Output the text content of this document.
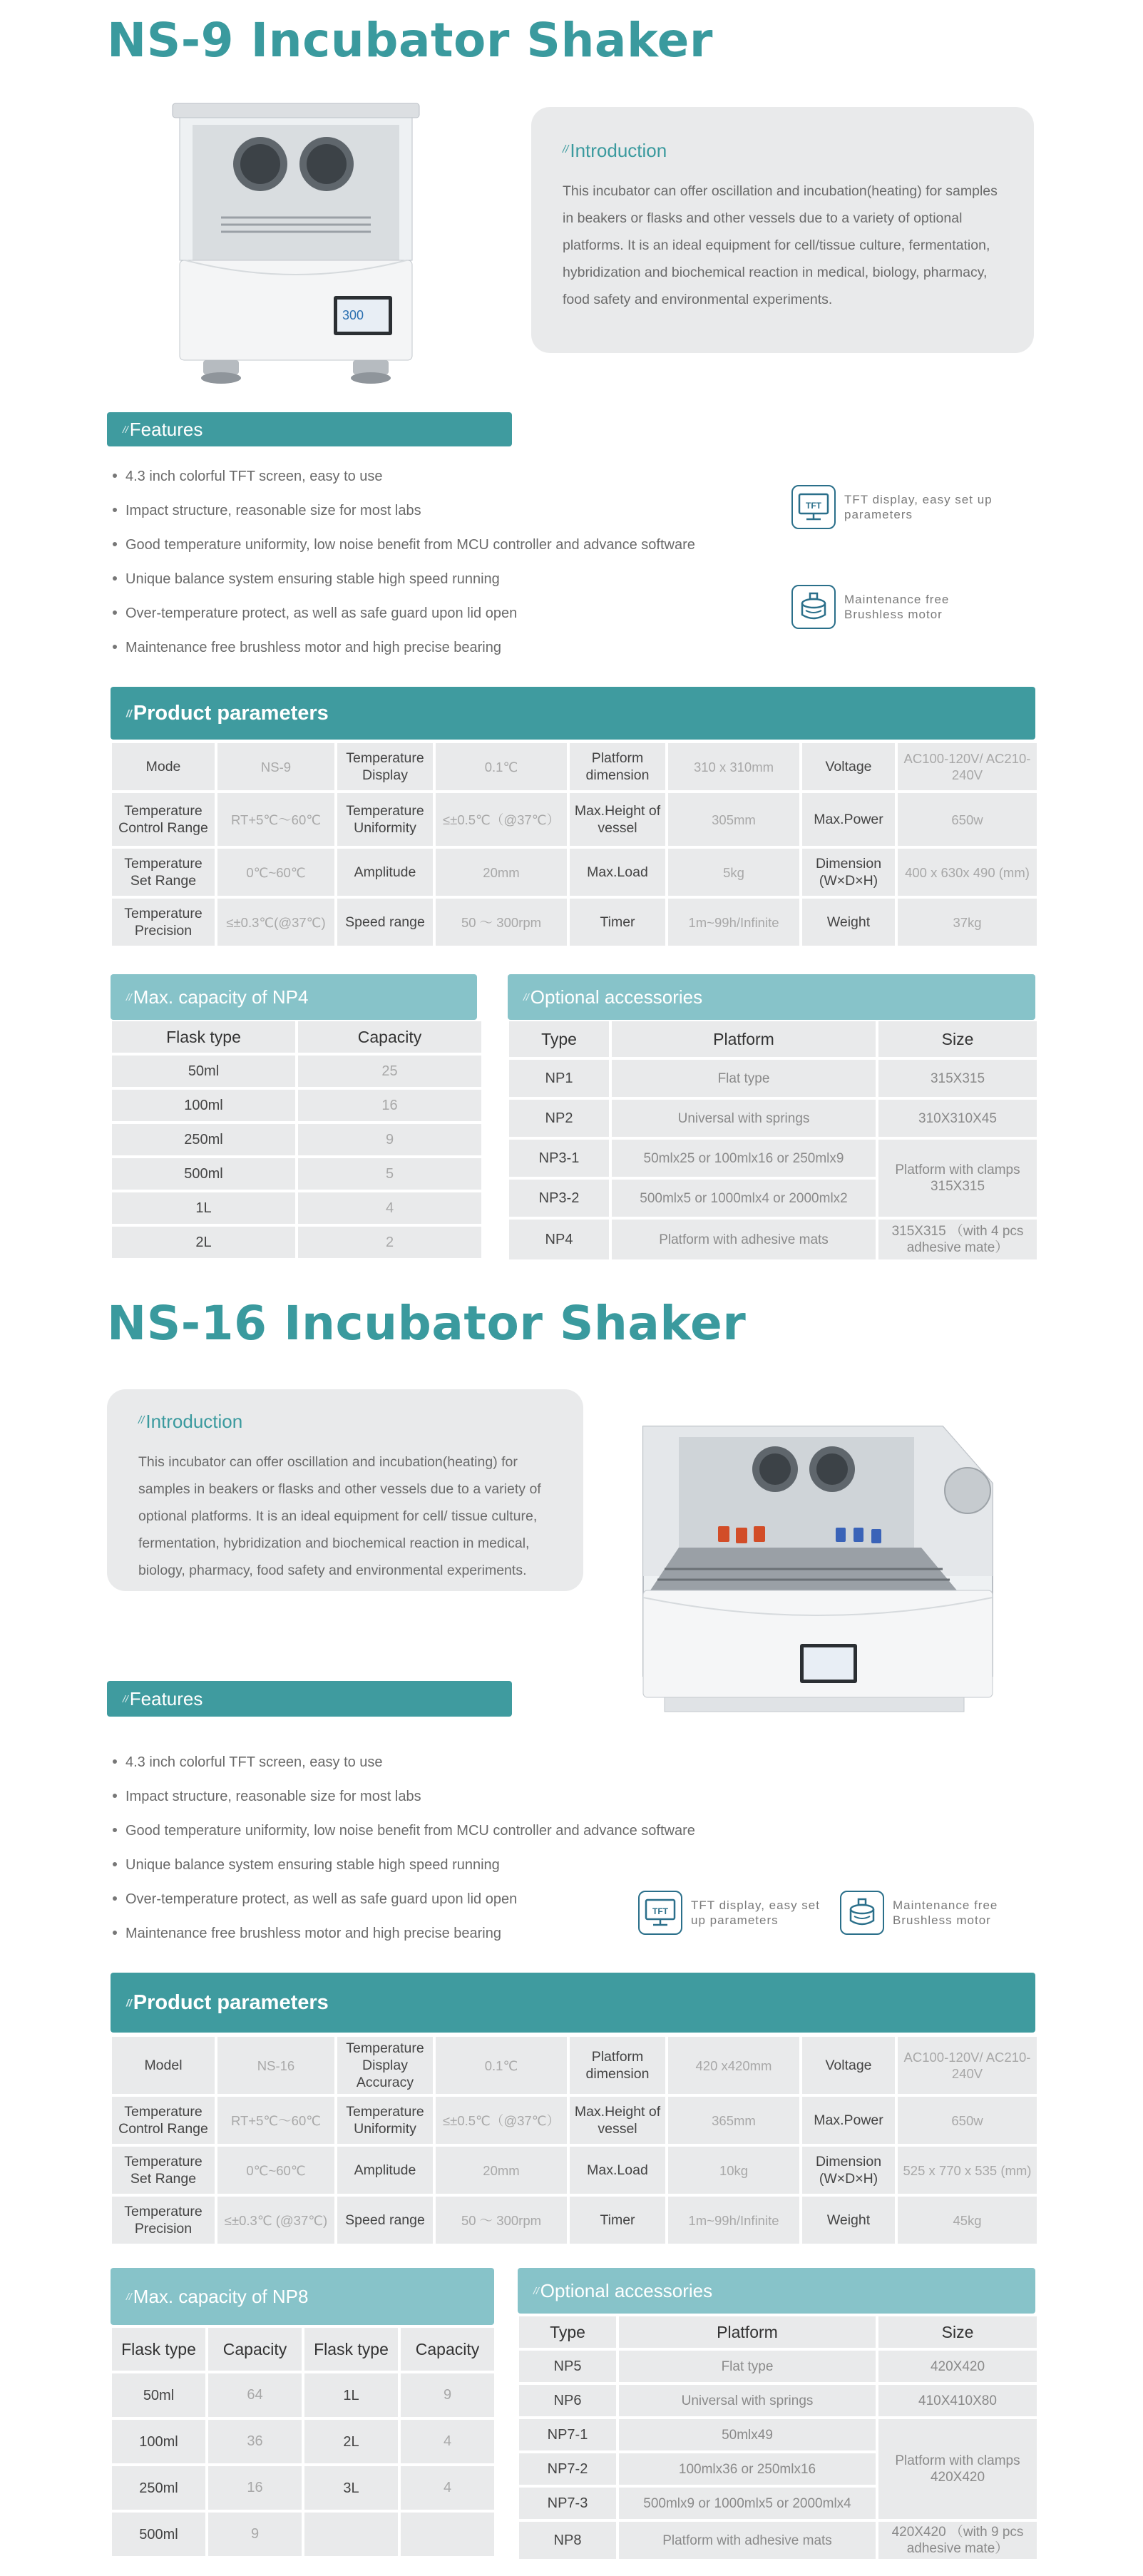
NS-9 Incubator Shaker
300
//Introduction

This incubator can offer oscillation and incubation(heating) for samples in beakers or flasks and other vessels due to a variety of optional platforms. It is an ideal equipment for cell/tissue culture, fermentation, hybridization and biochemical reaction in medical, biology, pharmacy, food safety and environmental experiments.

// Features
4.3 inch colorful TFT screen, easy to use
Impact structure, reasonable size for most labs
Good temperature uniformity, low noise benefit from MCU controller and advance software
Unique balance system ensuring stable high speed running
Over-temperature protect, as well as safe guard upon lid open
Maintenance free brushless motor and high precise bearing
TFT TFT display, easy set up
parameters
Maintenance free
Brushless motor
// Product parameters
Mode	NS-9	Temperature Display	0.1℃	Platform dimension	310 x 310mm	Voltage	AC100-120V/ AC210-240V
Temperature Control Range	RT+5℃～60℃	Temperature Uniformity	≤±0.5℃（@37℃）	Max.Height of vessel	305mm	Max.Power	650w
Temperature Set Range	0℃~60℃	Amplitude	20mm	Max.Load	5kg	Dimension (W×D×H)	400 x 630x 490 (mm)
Temperature Precision	≤±0.3℃(@37℃)	Speed range	50 ～ 300rpm	Timer	1m~99h/Infinite	Weight	37kg
// Max. capacity of NP4
Flask type	Capacity
50ml	25
100ml	16
250ml	9
500ml	5
1L	4
2L	2
// Optional accessories
Type	Platform	Size
NP1	Flat type	315X315
NP2	Universal with springs	310X310X45
NP3-1	50mlx25 or 100mlx16 or 250mlx9	Platform with clamps 315X315
NP3-2	500mlx5 or 1000mlx4 or 2000mlx2	
NP4	Platform with adhesive mats	315X315 （with 4 pcs adhesive mate）
NS-16 Incubator Shaker
//Introduction

This incubator can offer oscillation and incubation(heating) for samples in beakers or flasks and other vessels due to a variety of optional platforms. It is an ideal equipment for cell/ tissue culture, fermentation, hybridization and biochemical reaction in medical, biology, pharmacy, food safety and environmental experiments.

// Features
4.3 inch colorful TFT screen, easy to use
Impact structure, reasonable size for most labs
Good temperature uniformity, low noise benefit from MCU controller and advance software
Unique balance system ensuring stable high speed running
Over-temperature protect, as well as safe guard upon lid open
Maintenance free brushless motor and high precise bearing
TFT TFT display, easy set
up parameters
Maintenance free
Brushless motor
// Product parameters
Model	NS-16	Temperature Display Accuracy	0.1℃	Platform dimension	420 x420mm	Voltage	AC100-120V/ AC210-240V
Temperature Control Range	RT+5℃～60℃	Temperature Uniformity	≤±0.5℃（@37℃）	Max.Height of vessel	365mm	Max.Power	650w
Temperature Set Range	0℃~60℃	Amplitude	20mm	Max.Load	10kg	Dimension (W×D×H)	525 x 770 x 535 (mm)
Temperature Precision	≤±0.3℃ (@37℃)	Speed range	50 ～ 300rpm	Timer	1m~99h/Infinite	Weight	45kg
// Max. capacity of NP8
Flask type	Capacity	Flask type	Capacity
50ml	64	1L	9
100ml	36	2L	4
250ml	16	3L	4
500ml	9		
// Optional accessories
Type	Platform	Size
NP5	Flat type	420X420
NP6	Universal with springs	410X410X80
NP7-1	50mlx49	Platform with clamps 420X420
NP7-2	100mlx36 or 250mlx16	
NP7-3	500mlx9 or 1000mlx5 or 2000mlx4	
NP8	Platform with adhesive mats	420X420 （with 9 pcs adhesive mate）
